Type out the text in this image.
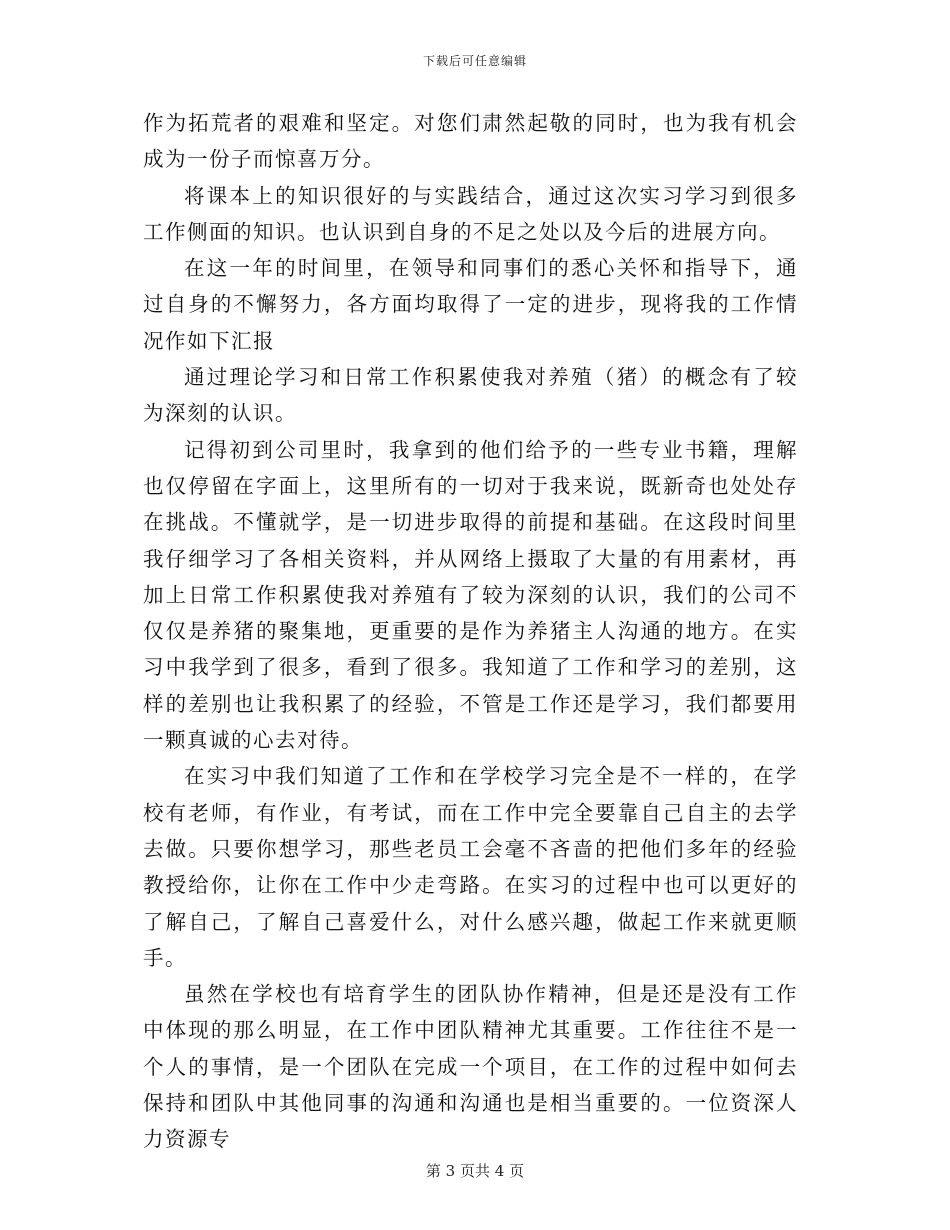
下载后可任意编辑

作为拓荒者的艰难和坚定。对您们肃然起敬的同时，也为我有机会成为一份子而惊喜万分。

将课本上的知识很好的与实践结合，通过这次实习学习到很多工作侧面的知识。也认识到自身的不足之处以及今后的进展方向。

在这一年的时间里，在领导和同事们的悉心关怀和指导下，通过自身的不懈努力，各方面均取得了一定的进步，现将我的工作情况作如下汇报

通过理论学习和日常工作积累使我对养殖（猪）的概念有了较为深刻的认识。

记得初到公司里时，我拿到的他们给予的一些专业书籍，理解也仅停留在字面上，这里所有的一切对于我来说，既新奇也处处存在挑战。不懂就学，是一切进步取得的前提和基础。在这段时间里我仔细学习了各相关资料，并从网络上摄取了大量的有用素材，再加上日常工作积累使我对养殖有了较为深刻的认识，我们的公司不仅仅是养猪的聚集地，更重要的是作为养猪主人沟通的地方。在实习中我学到了很多，看到了很多。我知道了工作和学习的差别，这样的差别也让我积累了的经验，不管是工作还是学习，我们都要用一颗真诚的心去对待。

在实习中我们知道了工作和在学校学习完全是不一样的，在学校有老师，有作业，有考试，而在工作中完全要靠自己自主的去学去做。只要你想学习，那些老员工会毫不吝啬的把他们多年的经验教授给你，让你在工作中少走弯路。在实习的过程中也可以更好的了解自己，了解自己喜爱什么，对什么感兴趣，做起工作来就更顺手。

虽然在学校也有培育学生的团队协作精神，但是还是没有工作中体现的那么明显，在工作中团队精神尤其重要。工作往往不是一个人的事情，是一个团队在完成一个项目，在工作的过程中如何去保持和团队中其他同事的沟通和沟通也是相当重要的。一位资深人力资源专

第 3 页共 4 页
